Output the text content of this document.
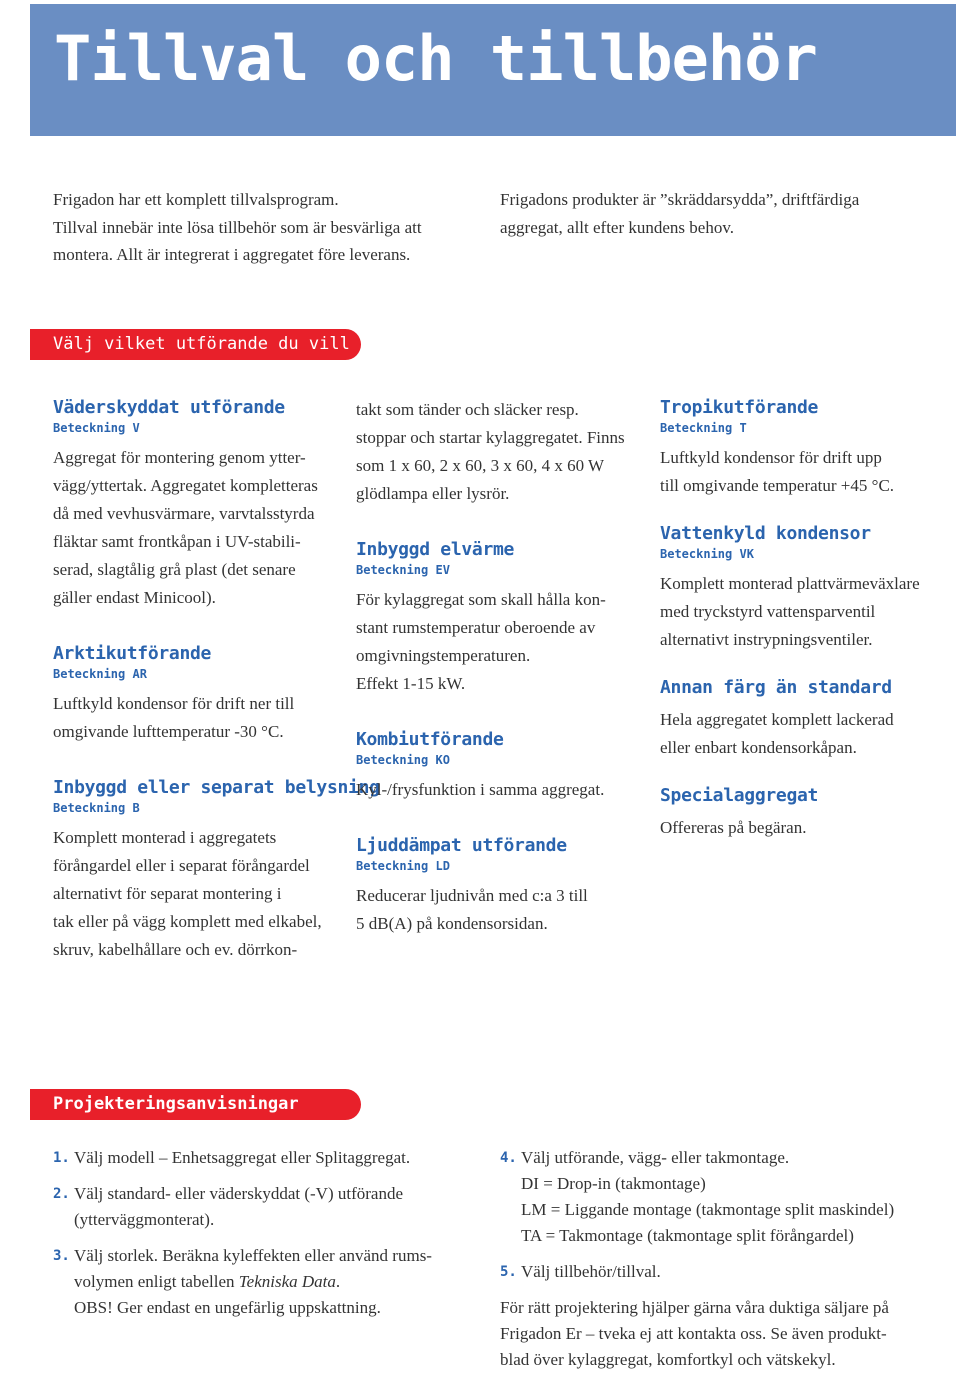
Tillval och tillbehör
Frigadon har ett komplett tillvalsprogram.
Tillval innebär inte lösa tillbehör som är besvärliga att
montera. Allt är integrerat i aggregatet före leverans.
Frigadons produkter är ”skräddarsydda”, driftfärdiga
aggregat, allt efter kundens behov.
Välj vilket utförande du vill ha
Väderskyddat utförande
Beteckning V
Aggregat för montering genom ytter-
vägg/yttertak. Aggregatet kompletteras
då med vevhusvärmare, varvtalsstyrda
fläktar samt frontkåpan i UV-stabili-
serad, slagtålig grå plast (det senare
gäller endast Minicool).
Arktikutförande
Beteckning AR
Luftkyld kondensor för drift ner till
omgivande lufttemperatur -30 °C.
Inbyggd eller separat belysning
Beteckning B
Komplett monterad i aggregatets
förångardel eller i separat förångardel
alternativt för separat montering i
tak eller på vägg komplett med elkabel,
skruv, kabelhållare och ev. dörrkon-
takt som tänder och släcker resp.
stoppar och startar kylaggregatet. Finns
som 1 x 60, 2 x 60, 3 x 60, 4 x 60 W
glödlampa eller lysrör.
Inbyggd elvärme
Beteckning EV
För kylaggregat som skall hålla kon-
stant rumstemperatur oberoende av
omgivningstemperaturen.
Effekt 1-15 kW.
Kombiutförande
Beteckning KO
Kyl-/frysfunktion i samma aggregat.
Ljuddämpat utförande
Beteckning LD
Reducerar ljudnivån med c:a 3 till
5 dB(A) på kondensorsidan.
Tropikutförande
Beteckning T
Luftkyld kondensor för drift upp
till omgivande temperatur +45 °C.
Vattenkyld kondensor
Beteckning VK
Komplett monterad plattvärmeväxlare
med tryckstyrd vattensparventil
alternativt instrypningsventiler.
Annan färg än standard
Hela aggregatet komplett lackerad
eller enbart kondensorkåpan.
Specialaggregat
Offereras på begäran.
Projekteringsanvisningar
1. Välj modell – Enhetsaggregat eller Splitaggregat.
2. Välj standard- eller väderskyddat (-V) utförande
(ytterväggmonterat).
3. Välj storlek. Beräkna kyleffekten eller använd rums-
volymen enligt tabellen Tekniska Data.
OBS! Ger endast en ungefärlig uppskattning.
4. Välj utförande, vägg- eller takmontage.
DI = Drop-in (takmontage)
LM = Liggande montage (takmontage split maskindel)
TA = Takmontage (takmontage split förångardel)
5. Välj tillbehör/tillval.
För rätt projektering hjälper gärna våra duktiga säljare på
Frigadon Er – tveka ej att kontakta oss. Se även produkt-
blad över kylaggregat, komfortkyl och vätskekyl.
